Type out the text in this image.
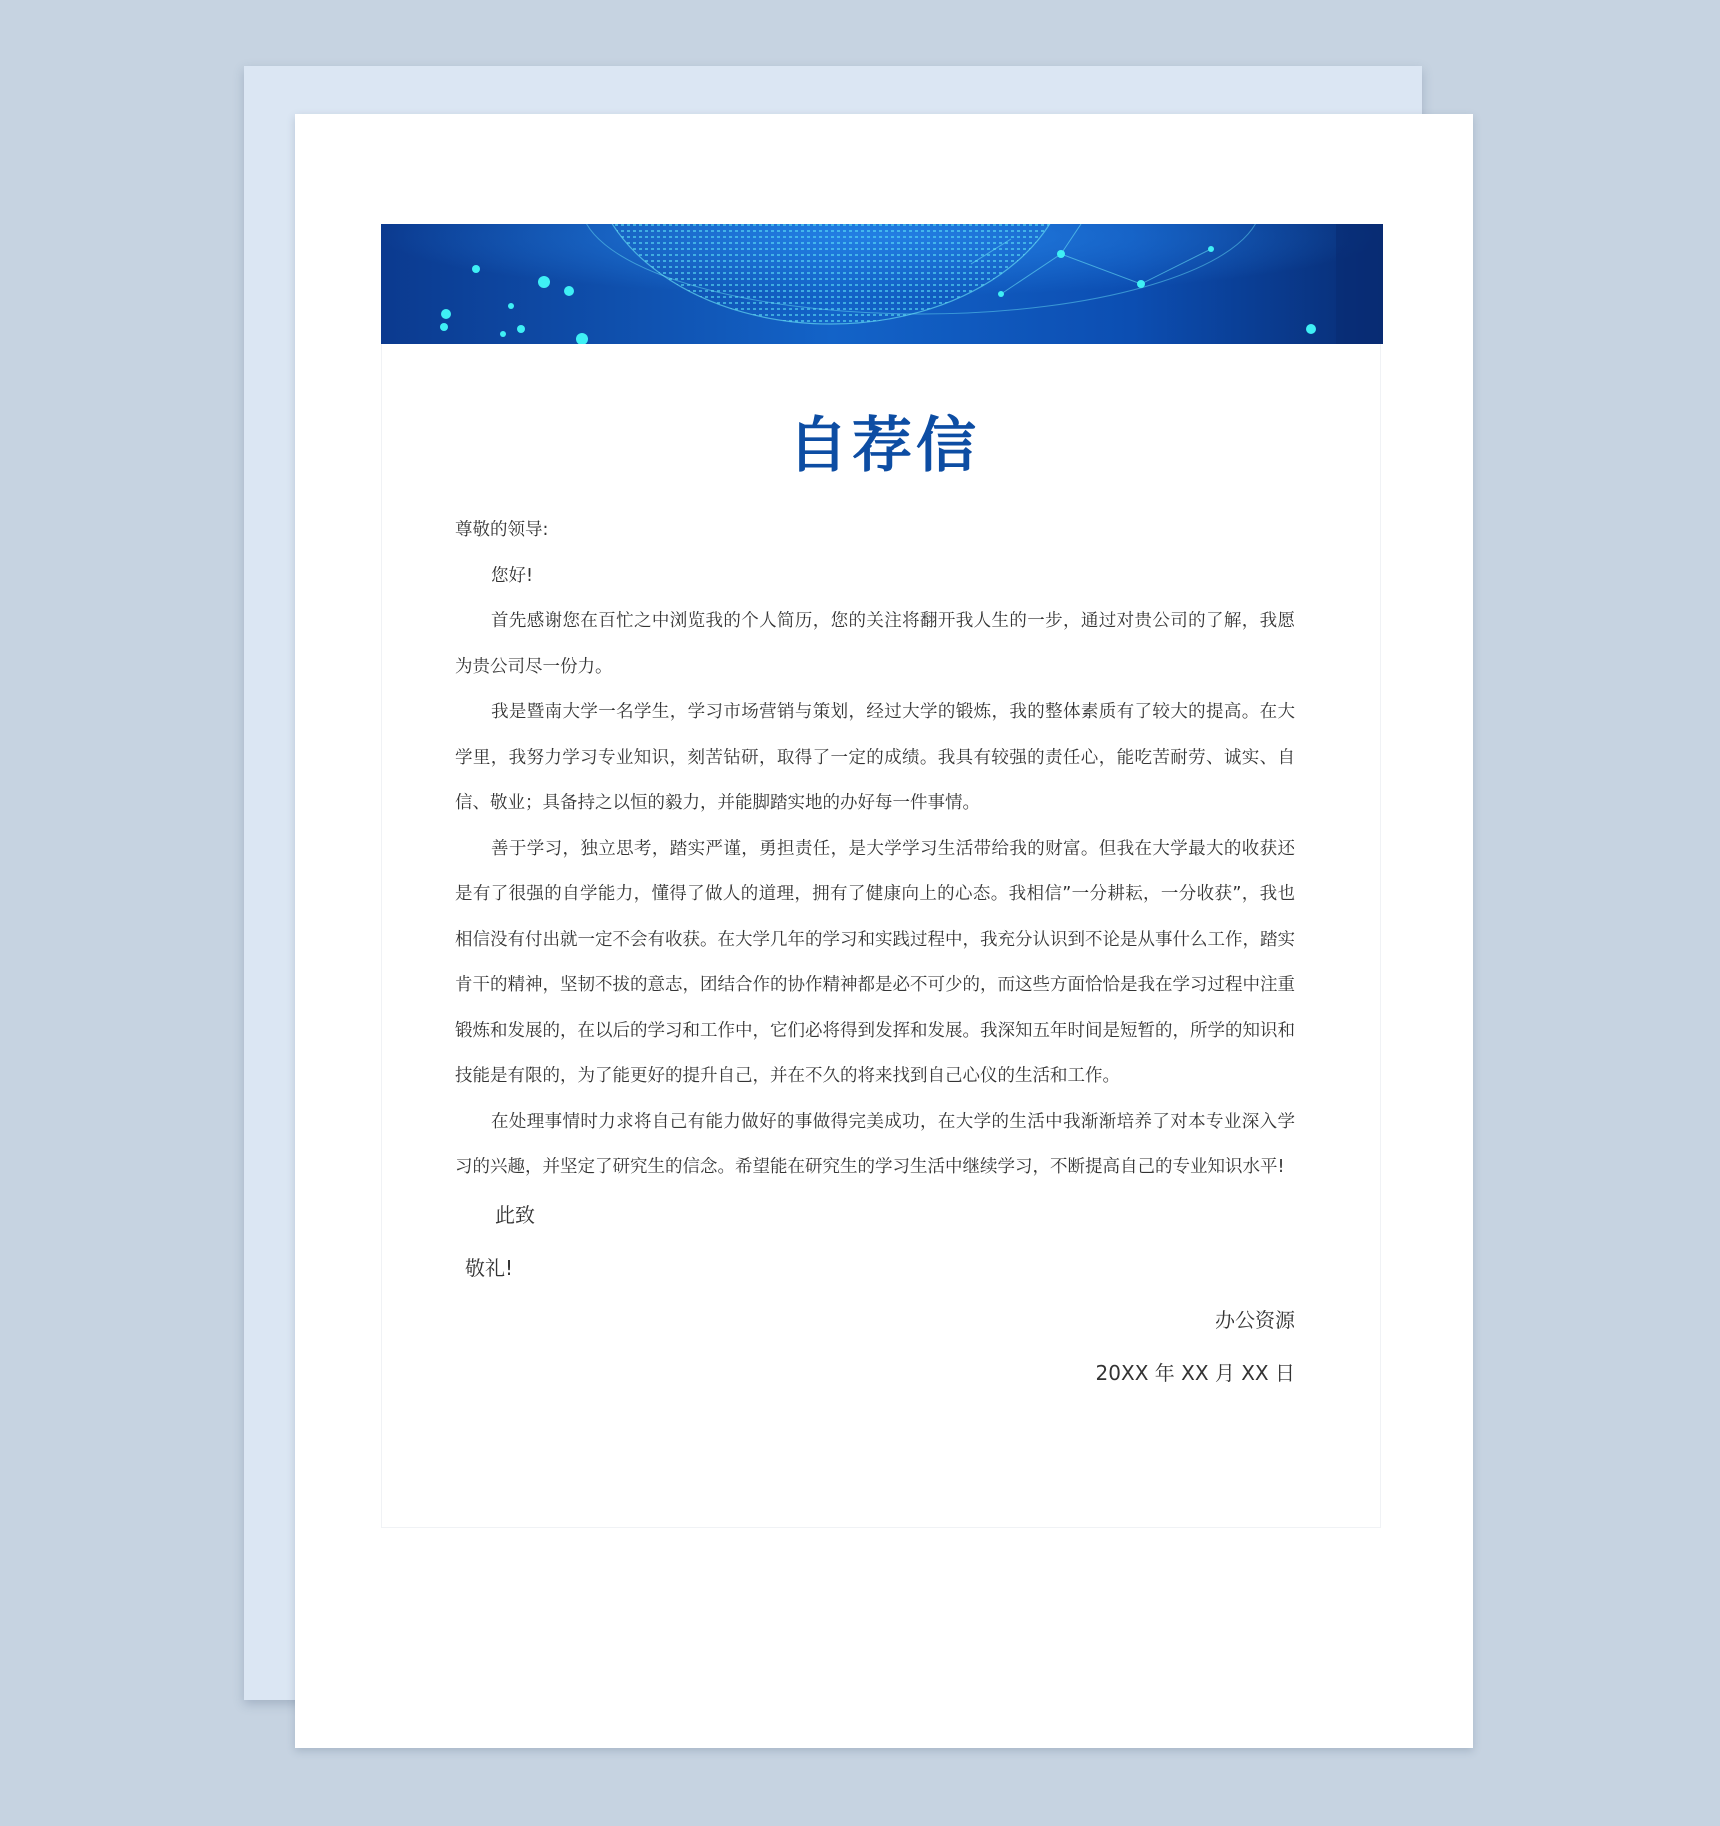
自荐信

尊敬的领导:

您好!

首先感谢您在百忙之中浏览我的个人简历，您的关注将翻开我人生的一步，通过对贵公司的了解，我愿为贵公司尽一份力。

我是暨南大学一名学生，学习市场营销与策划，经过大学的锻炼，我的整体素质有了较大的提高。在大学里，我努力学习专业知识，刻苦钻研，取得了一定的成绩。我具有较强的责任心，能吃苦耐劳、诚实、自信、敬业；具备持之以恒的毅力，并能脚踏实地的办好每一件事情。

善于学习，独立思考，踏实严谨，勇担责任，是大学学习生活带给我的财富。但我在大学最大的收获还是有了很强的自学能力，懂得了做人的道理，拥有了健康向上的心态。我相信”一分耕耘，一分收获”，我也相信没有付出就一定不会有收获。在大学几年的学习和实践过程中，我充分认识到不论是从事什么工作，踏实肯干的精神，坚韧不拔的意志，团结合作的协作精神都是必不可少的，而这些方面恰恰是我在学习过程中注重锻炼和发展的，在以后的学习和工作中，它们必将得到发挥和发展。我深知五年时间是短暂的，所学的知识和技能是有限的，为了能更好的提升自己，并在不久的将来找到自己心仪的生活和工作。

在处理事情时力求将自己有能力做好的事做得完美成功，在大学的生活中我渐渐培养了对本专业深入学习的兴趣，并坚定了研究生的信念。希望能在研究生的学习生活中继续学习，不断提高自己的专业知识水平!

此致
敬礼!
办公资源
20XX 年 XX 月 XX 日
